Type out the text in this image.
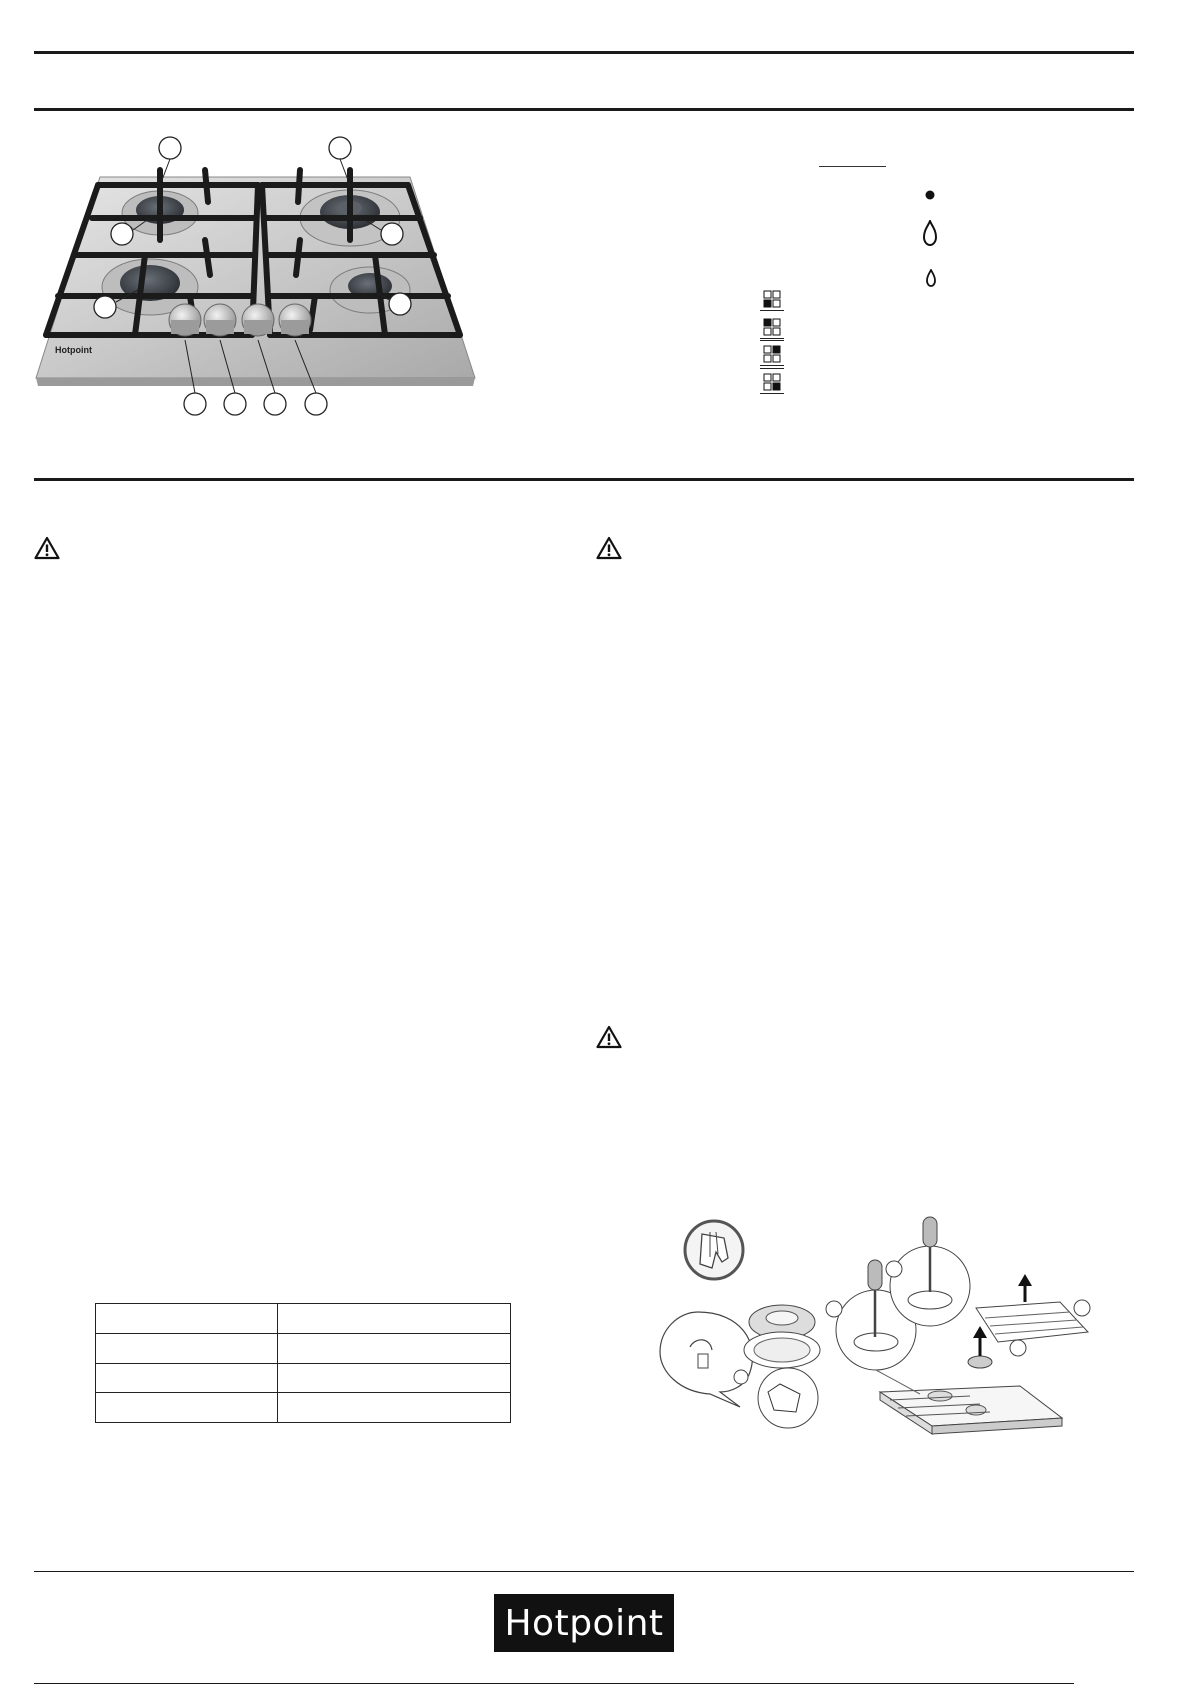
Hotpoint

Hotpoint
